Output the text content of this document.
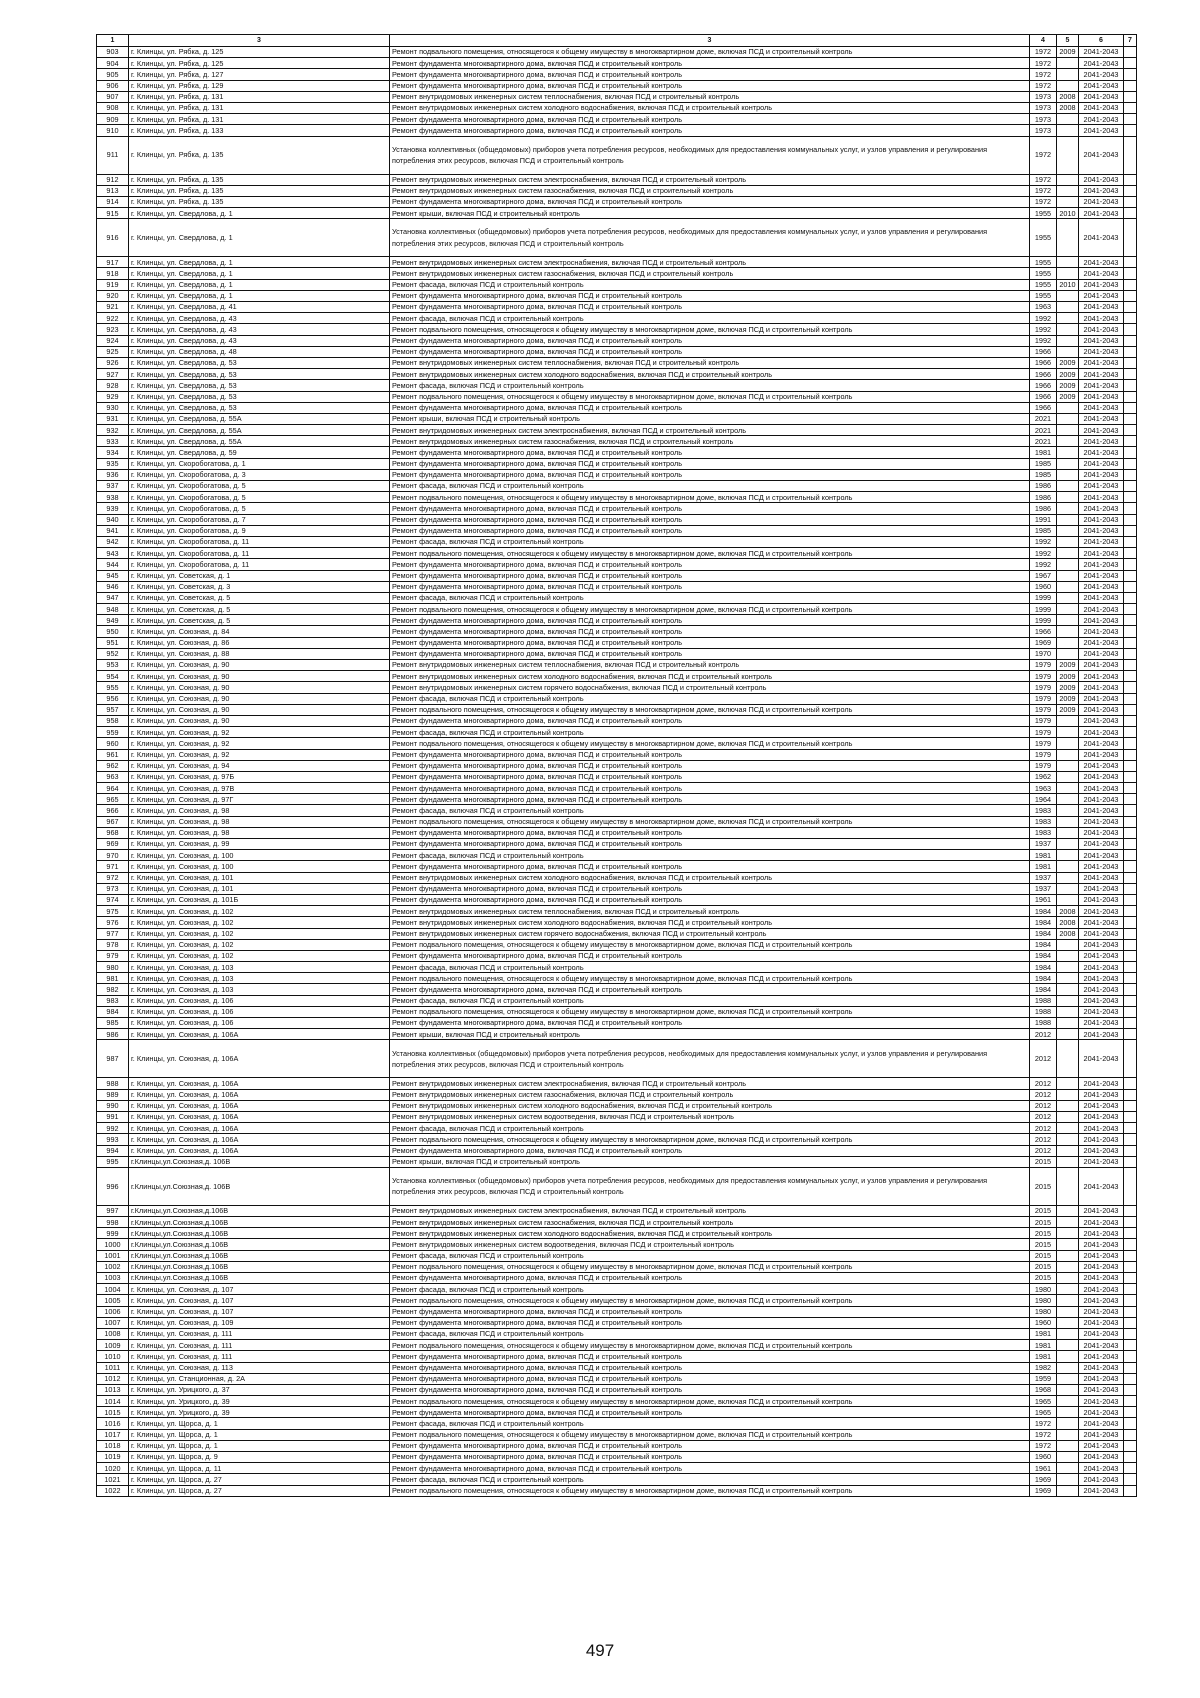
1	3	3	4	5	6	7
903	г. Клинцы, ул. Рябка, д. 125	Ремонт подвального помещения, относящегося к общему имуществу в многоквартирном доме, включая ПСД и строительный контроль	1972	2009	2041-2043	
904	г. Клинцы, ул. Рябка, д. 125	Ремонт фундамента многоквартирного дома, включая ПСД и строительный контроль	1972		2041-2043	
905	г. Клинцы, ул. Рябка, д. 127	Ремонт фундамента многоквартирного дома, включая ПСД и строительный контроль	1972		2041-2043	
906	г. Клинцы, ул. Рябка, д. 129	Ремонт фундамента многоквартирного дома, включая ПСД и строительный контроль	1972		2041-2043	
907	г. Клинцы, ул. Рябка, д. 131	Ремонт внутридомовых инженерных систем теплоснабжения, включая ПСД и строительный контроль	1973	2008	2041-2043	
908	г. Клинцы, ул. Рябка, д. 131	Ремонт внутридомовых инженерных систем холодного водоснабжения, включая ПСД и строительный контроль	1973	2008	2041-2043	
909	г. Клинцы, ул. Рябка, д. 131	Ремонт фундамента многоквартирного дома, включая ПСД и строительный контроль	1973		2041-2043	
910	г. Клинцы, ул. Рябка, д. 133	Ремонт фундамента многоквартирного дома, включая ПСД и строительный контроль	1973		2041-2043	
911	г. Клинцы, ул. Рябка, д. 135	Установка коллективных (общедомовых) приборов учета потребления ресурсов, необходимых для предоставления коммунальных услуг, и узлов управления и регулирования потребления этих ресурсов, включая ПСД и строительный контроль	1972		2041-2043	
912	г. Клинцы, ул. Рябка, д. 135	Ремонт внутридомовых инженерных систем электроснабжения, включая ПСД и строительный контроль	1972		2041-2043	
913	г. Клинцы, ул. Рябка, д. 135	Ремонт внутридомовых инженерных систем газоснабжения, включая ПСД и строительный контроль	1972		2041-2043	
914	г. Клинцы, ул. Рябка, д. 135	Ремонт фундамента многоквартирного дома, включая ПСД и строительный контроль	1972		2041-2043	
915	г. Клинцы, ул. Свердлова, д. 1	Ремонт крыши, включая ПСД и строительный контроль	1955	2010	2041-2043	
916	г. Клинцы, ул. Свердлова, д. 1	Установка коллективных (общедомовых) приборов учета потребления ресурсов, необходимых для предоставления коммунальных услуг, и узлов управления и регулирования потребления этих ресурсов, включая ПСД и строительный контроль	1955		2041-2043	
917	г. Клинцы, ул. Свердлова, д. 1	Ремонт внутридомовых инженерных систем электроснабжения, включая ПСД и строительный контроль	1955		2041-2043	
918	г. Клинцы, ул. Свердлова, д. 1	Ремонт внутридомовых инженерных систем газоснабжения, включая ПСД и строительный контроль	1955		2041-2043	
919	г. Клинцы, ул. Свердлова, д. 1	Ремонт фасада, включая ПСД и строительный контроль	1955	2010	2041-2043	
920	г. Клинцы, ул. Свердлова, д. 1	Ремонт фундамента многоквартирного дома, включая ПСД и строительный контроль	1955		2041-2043	
921	г. Клинцы, ул. Свердлова, д. 41	Ремонт фундамента многоквартирного дома, включая ПСД и строительный контроль	1963		2041-2043	
922	г. Клинцы, ул. Свердлова, д. 43	Ремонт фасада, включая ПСД и строительный контроль	1992		2041-2043	
923	г. Клинцы, ул. Свердлова, д. 43	Ремонт подвального помещения, относящегося к общему имуществу в многоквартирном доме, включая ПСД и строительный контроль	1992		2041-2043	
924	г. Клинцы, ул. Свердлова, д. 43	Ремонт фундамента многоквартирного дома, включая ПСД и строительный контроль	1992		2041-2043	
925	г. Клинцы, ул. Свердлова, д. 48	Ремонт фундамента многоквартирного дома, включая ПСД и строительный контроль	1966		2041-2043	
926	г. Клинцы, ул. Свердлова, д. 53	Ремонт внутридомовых инженерных систем теплоснабжения, включая ПСД и строительный контроль	1966	2009	2041-2043	
927	г. Клинцы, ул. Свердлова, д. 53	Ремонт внутридомовых инженерных систем холодного водоснабжения, включая ПСД и строительный контроль	1966	2009	2041-2043	
928	г. Клинцы, ул. Свердлова, д. 53	Ремонт фасада, включая ПСД и строительный контроль	1966	2009	2041-2043	
929	г. Клинцы, ул. Свердлова, д. 53	Ремонт подвального помещения, относящегося к общему имуществу в многоквартирном доме, включая ПСД и строительный контроль	1966	2009	2041-2043	
930	г. Клинцы, ул. Свердлова, д. 53	Ремонт фундамента многоквартирного дома, включая ПСД и строительный контроль	1966		2041-2043	
931	г. Клинцы, ул. Свердлова, д. 55А	Ремонт крыши, включая ПСД и строительный контроль	2021		2041-2043	
932	г. Клинцы, ул. Свердлова, д. 55А	Ремонт внутридомовых инженерных систем электроснабжения, включая ПСД и строительный контроль	2021		2041-2043	
933	г. Клинцы, ул. Свердлова, д. 55А	Ремонт внутридомовых инженерных систем газоснабжения, включая ПСД и строительный контроль	2021		2041-2043	
934	г. Клинцы, ул. Свердлова, д. 59	Ремонт фундамента многоквартирного дома, включая ПСД и строительный контроль	1981		2041-2043	
935	г. Клинцы, ул. Скоробогатова, д. 1	Ремонт фундамента многоквартирного дома, включая ПСД и строительный контроль	1985		2041-2043	
936	г. Клинцы, ул. Скоробогатова, д. 3	Ремонт фундамента многоквартирного дома, включая ПСД и строительный контроль	1985		2041-2043	
937	г. Клинцы, ул. Скоробогатова, д. 5	Ремонт фасада, включая ПСД и строительный контроль	1986		2041-2043	
938	г. Клинцы, ул. Скоробогатова, д. 5	Ремонт подвального помещения, относящегося к общему имуществу в многоквартирном доме, включая ПСД и строительный контроль	1986		2041-2043	
939	г. Клинцы, ул. Скоробогатова, д. 5	Ремонт фундамента многоквартирного дома, включая ПСД и строительный контроль	1986		2041-2043	
940	г. Клинцы, ул. Скоробогатова, д. 7	Ремонт фундамента многоквартирного дома, включая ПСД и строительный контроль	1991		2041-2043	
941	г. Клинцы, ул. Скоробогатова, д. 9	Ремонт фундамента многоквартирного дома, включая ПСД и строительный контроль	1985		2041-2043	
942	г. Клинцы, ул. Скоробогатова, д. 11	Ремонт фасада, включая ПСД и строительный контроль	1992		2041-2043	
943	г. Клинцы, ул. Скоробогатова, д. 11	Ремонт подвального помещения, относящегося к общему имуществу в многоквартирном доме, включая ПСД и строительный контроль	1992		2041-2043	
944	г. Клинцы, ул. Скоробогатова, д. 11	Ремонт фундамента многоквартирного дома, включая ПСД и строительный контроль	1992		2041-2043	
945	г. Клинцы, ул. Советская, д. 1	Ремонт фундамента многоквартирного дома, включая ПСД и строительный контроль	1967		2041-2043	
946	г. Клинцы, ул. Советская, д. 3	Ремонт фундамента многоквартирного дома, включая ПСД и строительный контроль	1960		2041-2043	
947	г. Клинцы, ул. Советская, д. 5	Ремонт фасада, включая ПСД и строительный контроль	1999		2041-2043	
948	г. Клинцы, ул. Советская, д. 5	Ремонт подвального помещения, относящегося к общему имуществу в многоквартирном доме, включая ПСД и строительный контроль	1999		2041-2043	
949	г. Клинцы, ул. Советская, д. 5	Ремонт фундамента многоквартирного дома, включая ПСД и строительный контроль	1999		2041-2043	
950	г. Клинцы, ул. Союзная, д. 84	Ремонт фундамента многоквартирного дома, включая ПСД и строительный контроль	1966		2041-2043	
951	г. Клинцы, ул. Союзная, д. 86	Ремонт фундамента многоквартирного дома, включая ПСД и строительный контроль	1969		2041-2043	
952	г. Клинцы, ул. Союзная, д. 88	Ремонт фундамента многоквартирного дома, включая ПСД и строительный контроль	1970		2041-2043	
953	г. Клинцы, ул. Союзная, д. 90	Ремонт внутридомовых инженерных систем теплоснабжения, включая ПСД и строительный контроль	1979	2009	2041-2043	
954	г. Клинцы, ул. Союзная, д. 90	Ремонт внутридомовых инженерных систем холодного водоснабжения, включая ПСД и строительный контроль	1979	2009	2041-2043	
955	г. Клинцы, ул. Союзная, д. 90	Ремонт внутридомовых инженерных систем горячего водоснабжения, включая ПСД и строительный контроль	1979	2009	2041-2043	
956	г. Клинцы, ул. Союзная, д. 90	Ремонт фасада, включая ПСД и строительный контроль	1979	2009	2041-2043	
957	г. Клинцы, ул. Союзная, д. 90	Ремонт подвального помещения, относящегося к общему имуществу в многоквартирном доме, включая ПСД и строительный контроль	1979	2009	2041-2043	
958	г. Клинцы, ул. Союзная, д. 90	Ремонт фундамента многоквартирного дома, включая ПСД и строительный контроль	1979		2041-2043	
959	г. Клинцы, ул. Союзная, д. 92	Ремонт фасада, включая ПСД и строительный контроль	1979		2041-2043	
960	г. Клинцы, ул. Союзная, д. 92	Ремонт подвального помещения, относящегося к общему имуществу в многоквартирном доме, включая ПСД и строительный контроль	1979		2041-2043	
961	г. Клинцы, ул. Союзная, д. 92	Ремонт фундамента многоквартирного дома, включая ПСД и строительный контроль	1979		2041-2043	
962	г. Клинцы, ул. Союзная, д. 94	Ремонт фундамента многоквартирного дома, включая ПСД и строительный контроль	1979		2041-2043	
963	г. Клинцы, ул. Союзная, д. 97Б	Ремонт фундамента многоквартирного дома, включая ПСД и строительный контроль	1962		2041-2043	
964	г. Клинцы, ул. Союзная, д. 97В	Ремонт фундамента многоквартирного дома, включая ПСД и строительный контроль	1963		2041-2043	
965	г. Клинцы, ул. Союзная, д. 97Г	Ремонт фундамента многоквартирного дома, включая ПСД и строительный контроль	1964		2041-2043	
966	г. Клинцы, ул. Союзная, д. 98	Ремонт фасада, включая ПСД и строительный контроль	1983		2041-2043	
967	г. Клинцы, ул. Союзная, д. 98	Ремонт подвального помещения, относящегося к общему имуществу в многоквартирном доме, включая ПСД и строительный контроль	1983		2041-2043	
968	г. Клинцы, ул. Союзная, д. 98	Ремонт фундамента многоквартирного дома, включая ПСД и строительный контроль	1983		2041-2043	
969	г. Клинцы, ул. Союзная, д. 99	Ремонт фундамента многоквартирного дома, включая ПСД и строительный контроль	1937		2041-2043	
970	г. Клинцы, ул. Союзная, д. 100	Ремонт фасада, включая ПСД и строительный контроль	1981		2041-2043	
971	г. Клинцы, ул. Союзная, д. 100	Ремонт фундамента многоквартирного дома, включая ПСД и строительный контроль	1981		2041-2043	
972	г. Клинцы, ул. Союзная, д. 101	Ремонт внутридомовых инженерных систем холодного водоснабжения, включая ПСД и строительный контроль	1937		2041-2043	
973	г. Клинцы, ул. Союзная, д. 101	Ремонт фундамента многоквартирного дома, включая ПСД и строительный контроль	1937		2041-2043	
974	г. Клинцы, ул. Союзная, д. 101Б	Ремонт фундамента многоквартирного дома, включая ПСД и строительный контроль	1961		2041-2043	
975	г. Клинцы, ул. Союзная, д. 102	Ремонт внутридомовых инженерных систем теплоснабжения, включая ПСД и строительный контроль	1984	2008	2041-2043	
976	г. Клинцы, ул. Союзная, д. 102	Ремонт внутридомовых инженерных систем холодного водоснабжения, включая ПСД и строительный контроль	1984	2008	2041-2043	
977	г. Клинцы, ул. Союзная, д. 102	Ремонт внутридомовых инженерных систем горячего водоснабжения, включая ПСД и строительный контроль	1984	2008	2041-2043	
978	г. Клинцы, ул. Союзная, д. 102	Ремонт подвального помещения, относящегося к общему имуществу в многоквартирном доме, включая ПСД и строительный контроль	1984		2041-2043	
979	г. Клинцы, ул. Союзная, д. 102	Ремонт фундамента многоквартирного дома, включая ПСД и строительный контроль	1984		2041-2043	
980	г. Клинцы, ул. Союзная, д. 103	Ремонт фасада, включая ПСД и строительный контроль	1984		2041-2043	
981	г. Клинцы, ул. Союзная, д. 103	Ремонт подвального помещения, относящегося к общему имуществу в многоквартирном доме, включая ПСД и строительный контроль	1984		2041-2043	
982	г. Клинцы, ул. Союзная, д. 103	Ремонт фундамента многоквартирного дома, включая ПСД и строительный контроль	1984		2041-2043	
983	г. Клинцы, ул. Союзная, д. 106	Ремонт фасада, включая ПСД и строительный контроль	1988		2041-2043	
984	г. Клинцы, ул. Союзная, д. 106	Ремонт подвального помещения, относящегося к общему имуществу в многоквартирном доме, включая ПСД и строительный контроль	1988		2041-2043	
985	г. Клинцы, ул. Союзная, д. 106	Ремонт фундамента многоквартирного дома, включая ПСД и строительный контроль	1988		2041-2043	
986	г. Клинцы, ул. Союзная, д. 106А	Ремонт крыши, включая ПСД и строительный контроль	2012		2041-2043	
987	г. Клинцы, ул. Союзная, д. 106А	Установка коллективных (общедомовых) приборов учета потребления ресурсов, необходимых для предоставления коммунальных услуг, и узлов управления и регулирования потребления этих ресурсов, включая ПСД и строительный контроль	2012		2041-2043	
988	г. Клинцы, ул. Союзная, д. 106А	Ремонт внутридомовых инженерных систем электроснабжения, включая ПСД и строительный контроль	2012		2041-2043	
989	г. Клинцы, ул. Союзная, д. 106А	Ремонт внутридомовых инженерных систем газоснабжения, включая ПСД и строительный контроль	2012		2041-2043	
990	г. Клинцы, ул. Союзная, д. 106А	Ремонт внутридомовых инженерных систем холодного водоснабжения, включая ПСД и строительный контроль	2012		2041-2043	
991	г. Клинцы, ул. Союзная, д. 106А	Ремонт внутридомовых инженерных систем водоотведения, включая ПСД и строительный контроль	2012		2041-2043	
992	г. Клинцы, ул. Союзная, д. 106А	Ремонт фасада, включая ПСД и строительный контроль	2012		2041-2043	
993	г. Клинцы, ул. Союзная, д. 106А	Ремонт подвального помещения, относящегося к общему имуществу в многоквартирном доме, включая ПСД и строительный контроль	2012		2041-2043	
994	г. Клинцы, ул. Союзная, д. 106А	Ремонт фундамента многоквартирного дома, включая ПСД и строительный контроль	2012		2041-2043	
995	г.Клинцы,ул.Союзная,д. 106В	Ремонт крыши, включая ПСД и строительный контроль	2015		2041-2043	
996	г.Клинцы,ул.Союзная,д. 106В	Установка коллективных (общедомовых) приборов учета потребления ресурсов, необходимых для предоставления коммунальных услуг, и узлов управления и регулирования потребления этих ресурсов, включая ПСД и строительный контроль	2015		2041-2043	
997	г.Клинцы,ул.Союзная,д.106В	Ремонт внутридомовых инженерных систем электроснабжения, включая ПСД и строительный контроль	2015		2041-2043	
998	г.Клинцы,ул.Союзная,д.106В	Ремонт внутридомовых инженерных систем газоснабжения, включая ПСД и строительный контроль	2015		2041-2043	
999	г.Клинцы,ул.Союзная,д.106В	Ремонт внутридомовых инженерных систем холодного водоснабжения, включая ПСД и строительный контроль	2015		2041-2043	
1000	г.Клинцы,ул.Союзная,д.106В	Ремонт внутридомовых инженерных систем водоотведения, включая ПСД и строительный контроль	2015		2041-2043	
1001	г.Клинцы,ул.Союзная,д.106В	Ремонт фасада, включая ПСД и строительный контроль	2015		2041-2043	
1002	г.Клинцы,ул.Союзная,д.106В	Ремонт подвального помещения, относящегося к общему имуществу в многоквартирном доме, включая ПСД и строительный контроль	2015		2041-2043	
1003	г.Клинцы,ул.Союзная,д.106В	Ремонт фундамента многоквартирного дома, включая ПСД и строительный контроль	2015		2041-2043	
1004	г. Клинцы, ул. Союзная, д. 107	Ремонт фасада, включая ПСД и строительный контроль	1980		2041-2043	
1005	г. Клинцы, ул. Союзная, д. 107	Ремонт подвального помещения, относящегося к общему имуществу в многоквартирном доме, включая ПСД и строительный контроль	1980		2041-2043	
1006	г. Клинцы, ул. Союзная, д. 107	Ремонт фундамента многоквартирного дома, включая ПСД и строительный контроль	1980		2041-2043	
1007	г. Клинцы, ул. Союзная, д. 109	Ремонт фундамента многоквартирного дома, включая ПСД и строительный контроль	1960		2041-2043	
1008	г. Клинцы, ул. Союзная, д. 111	Ремонт фасада, включая ПСД и строительный контроль	1981		2041-2043	
1009	г. Клинцы, ул. Союзная, д. 111	Ремонт подвального помещения, относящегося к общему имуществу в многоквартирном доме, включая ПСД и строительный контроль	1981		2041-2043	
1010	г. Клинцы, ул. Союзная, д. 111	Ремонт фундамента многоквартирного дома, включая ПСД и строительный контроль	1981		2041-2043	
1011	г. Клинцы, ул. Союзная, д. 113	Ремонт фундамента многоквартирного дома, включая ПСД и строительный контроль	1982		2041-2043	
1012	г. Клинцы, ул. Станционная, д. 2А	Ремонт фундамента многоквартирного дома, включая ПСД и строительный контроль	1959		2041-2043	
1013	г. Клинцы, ул. Урицкого, д. 37	Ремонт фундамента многоквартирного дома, включая ПСД и строительный контроль	1968		2041-2043	
1014	г. Клинцы, ул. Урицкого, д. 39	Ремонт подвального помещения, относящегося к общему имуществу в многоквартирном доме, включая ПСД и строительный контроль	1965		2041-2043	
1015	г. Клинцы, ул. Урицкого, д. 39	Ремонт фундамента многоквартирного дома, включая ПСД и строительный контроль	1965		2041-2043	
1016	г. Клинцы, ул. Щорса, д. 1	Ремонт фасада, включая ПСД и строительный контроль	1972		2041-2043	
1017	г. Клинцы, ул. Щорса, д. 1	Ремонт подвального помещения, относящегося к общему имуществу в многоквартирном доме, включая ПСД и строительный контроль	1972		2041-2043	
1018	г. Клинцы, ул. Щорса, д. 1	Ремонт фундамента многоквартирного дома, включая ПСД и строительный контроль	1972		2041-2043	
1019	г. Клинцы, ул. Щорса, д. 9	Ремонт фундамента многоквартирного дома, включая ПСД и строительный контроль	1960		2041-2043	
1020	г. Клинцы, ул. Щорса, д. 11	Ремонт фундамента многоквартирного дома, включая ПСД и строительный контроль	1961		2041-2043	
1021	г. Клинцы, ул. Щорса, д. 27	Ремонт фасада, включая ПСД и строительный контроль	1969		2041-2043	
1022	г. Клинцы, ул. Щорса, д. 27	Ремонт подвального помещения, относящегося к общему имуществу в многоквартирном доме, включая ПСД и строительный контроль	1969		2041-2043	
497
